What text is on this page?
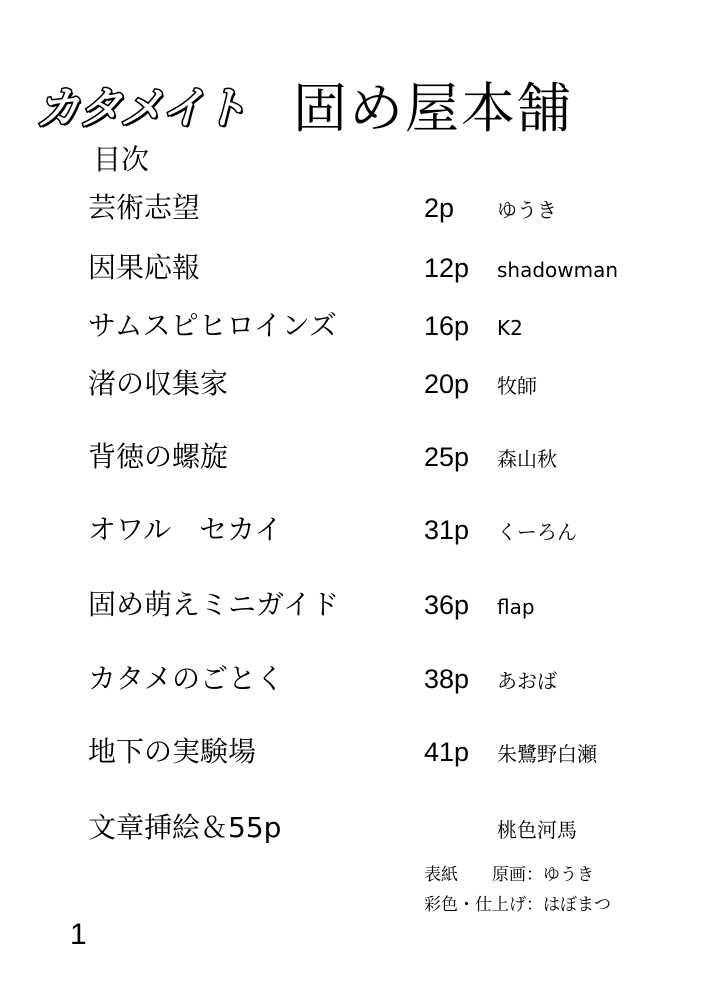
カタメイト 固め屋本舗
目次
芸術志望	2p ゆうき
因果応報	12p shadowman
サムスピヒロインズ	16p K2
渚の収集家	20p 牧師
背徳の螺旋	25p 森山秋
オワル　セカイ	31p くーろん
固め萌えミニガイド	36p flap
カタメのごとく	38p あおば
地下の実験場	41p 朱鷺野白瀬
文章挿絵＆55p	桃色河馬
表紙　　原画：ゆうき
彩色・仕上げ：はぼまつ
1
